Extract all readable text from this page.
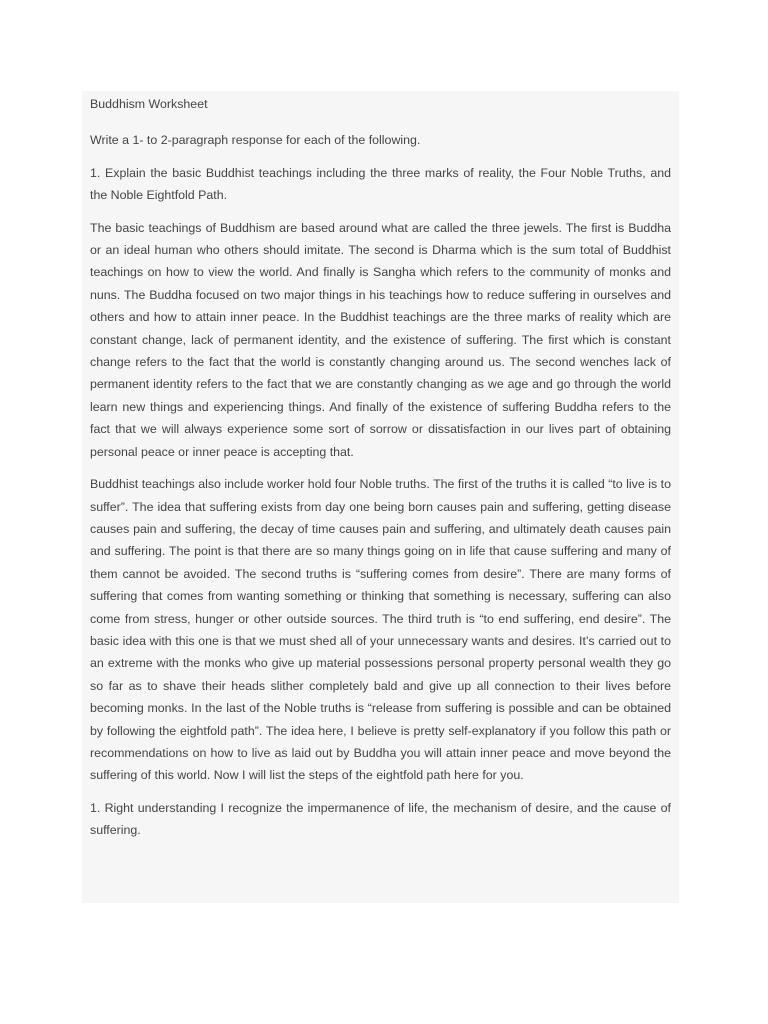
Buddhism Worksheet

Write a 1- to 2-paragraph response for each of the following.

1. Explain the basic Buddhist teachings including the three marks of reality, the Four Noble Truths, and the Noble Eightfold Path.

The basic teachings of Buddhism are based around what are called the three jewels. The first is Buddha or an ideal human who others should imitate. The second is Dharma which is the sum total of Buddhist teachings on how to view the world. And finally is Sangha which refers to the community of monks and nuns. The Buddha focused on two major things in his teachings how to reduce suffering in ourselves and others and how to attain inner peace. In the Buddhist teachings are the three marks of reality which are constant change, lack of permanent identity, and the existence of suffering. The first which is constant change refers to the fact that the world is constantly changing around us. The second wenches lack of permanent identity refers to the fact that we are constantly changing as we age and go through the world learn new things and experiencing things. And finally of the existence of suffering Buddha refers to the fact that we will always experience some sort of sorrow or dissatisfaction in our lives part of obtaining personal peace or inner peace is accepting that.

Buddhist teachings also include worker hold four Noble truths. The first of the truths it is called “to live is to suffer”. The idea that suffering exists from day one being born causes pain and suffering, getting disease causes pain and suffering, the decay of time causes pain and suffering, and ultimately death causes pain and suffering. The point is that there are so many things going on in life that cause suffering and many of them cannot be avoided. The second truths is “suffering comes from desire”. There are many forms of suffering that comes from wanting something or thinking that something is necessary, suffering can also come from stress, hunger or other outside sources. The third truth is “to end suffering, end desire”. The basic idea with this one is that we must shed all of your unnecessary wants and desires. It’s carried out to an extreme with the monks who give up material possessions personal property personal wealth they go so far as to shave their heads slither completely bald and give up all connection to their lives before becoming monks. In the last of the Noble truths is “release from suffering is possible and can be obtained by following the eightfold path”. The idea here, I believe is pretty self-explanatory if you follow this path or recommendations on how to live as laid out by Buddha you will attain inner peace and move beyond the suffering of this world. Now I will list the steps of the eightfold path here for you.

1. Right understanding I recognize the impermanence of life, the mechanism of desire, and the cause of suffering.
